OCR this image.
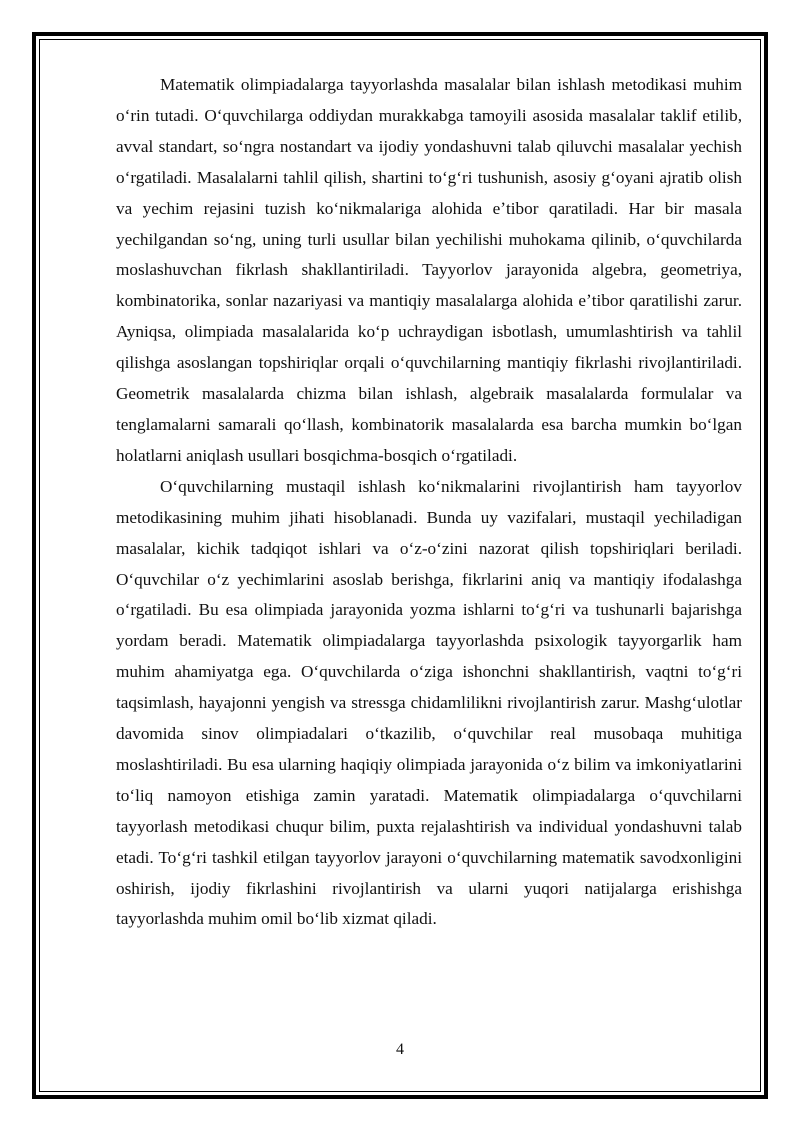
Matematik olimpiadalarga tayyorlashda masalalar bilan ishlash metodikasi muhim oʻrin tutadi. Oʻquvchilarga oddiydan murakkabga tamoyili asosida masalalar taklif etilib, avval standart, soʻngra nostandart va ijodiy yondashuvni talab qiluvchi masalalar yechish oʻrgatiladi. Masalalarni tahlil qilish, shartini toʻgʻri tushunish, asosiy gʻoyani ajratib olish va yechim rejasini tuzish koʻnikmalariga alohida eʼtibor qaratiladi. Har bir masala yechilgandan soʻng, uning turli usullar bilan yechilishi muhokama qilinib, oʻquvchilarda moslashuvchan fikrlash shakllantiriladi. Tayyorlov jarayonida algebra, geometriya, kombinatorika, sonlar nazariyasi va mantiqiy masalalarga alohida eʼtibor qaratilishi zarur. Ayniqsa, olimpiada masalalarida koʻp uchraydigan isbotlash, umumlashtirish va tahlil qilishga asoslangan topshiriqlar orqali oʻquvchilarning mantiqiy fikrlashi rivojlantiriladi. Geometrik masalalarda chizma bilan ishlash, algebraik masalalarda formulalar va tenglamalarni samarali qoʻllash, kombinatorik masalalarda esa barcha mumkin boʻlgan holatlarni aniqlash usullari bosqichma-bosqich oʻrgatiladi.

Oʻquvchilarning mustaqil ishlash koʻnikmalarini rivojlantirish ham tayyorlov metodikasining muhim jihati hisoblanadi. Bunda uy vazifalari, mustaqil yechiladigan masalalar, kichik tadqiqot ishlari va oʻz-oʻzini nazorat qilish topshiriqlari beriladi. Oʻquvchilar oʻz yechimlarini asoslab berishga, fikrlarini aniq va mantiqiy ifodalashga oʻrgatiladi. Bu esa olimpiada jarayonida yozma ishlarni toʻgʻri va tushunarli bajarishga yordam beradi. Matematik olimpiadalarga tayyorlashda psixologik tayyorgarlik ham muhim ahamiyatga ega. Oʻquvchilarda oʻziga ishonchni shakllantirish, vaqtni toʻgʻri taqsimlash, hayajonni yengish va stressga chidamlilikni rivojlantirish zarur. Mashgʻulotlar davomida sinov olimpiadalari oʻtkazilib, oʻquvchilar real musobaqa muhitiga moslashtiriladi. Bu esa ularning haqiqiy olimpiada jarayonida oʻz bilim va imkoniyatlarini toʻliq namoyon etishiga zamin yaratadi. Matematik olimpiadalarga oʻquvchilarni tayyorlash metodikasi chuqur bilim, puxta rejalashtirish va individual yondashuvni talab etadi. Toʻgʻri tashkil etilgan tayyorlov jarayoni oʻquvchilarning matematik savodxonligini oshirish, ijodiy fikrlashini rivojlantirish va ularni yuqori natijalarga erishishga tayyorlashda muhim omil boʻlib xizmat qiladi.

4
